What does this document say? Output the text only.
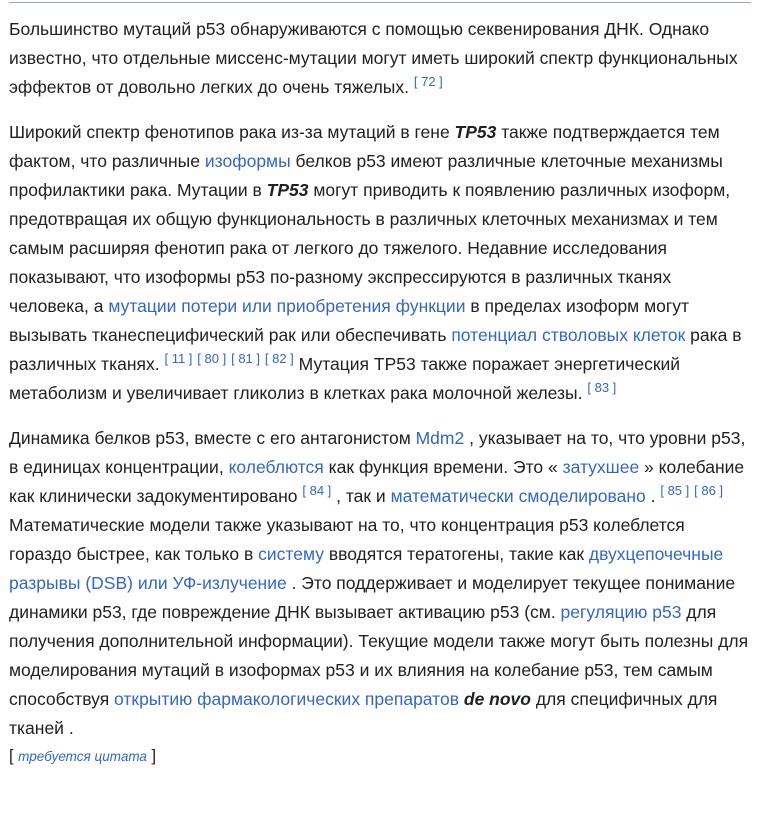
Большинство мутаций p53 обнаруживаются с помощью секвенирования ДНК. Однако известно, что отдельные миссенс-мутации могут иметь широкий спектр функциональных эффектов от довольно легких до очень тяжелых. [ 72 ]

Широкий спектр фенотипов рака из-за мутаций в гене TP53 также подтверждается тем фактом, что различные изоформы белков p53 имеют различные клеточные механизмы профилактики рака. Мутации в TP53 могут приводить к появлению различных изоформ, предотвращая их общую функциональность в различных клеточных механизмах и тем самым расширяя фенотип рака от легкого до тяжелого. Недавние исследования показывают, что изоформы p53 по-разному экспрессируются в различных тканях человека, а мутации потери или приобретения функции в пределах изоформ могут вызывать тканеспецифический рак или обеспечивать потенциал стволовых клеток рака в различных тканях. [ 11 ] [ 80 ] [ 81 ] [ 82 ] Мутация TP53 также поражает энергетический метаболизм и увеличивает гликолиз в клетках рака молочной железы. [ 83 ]

Динамика белков p53, вместе с его антагонистом Mdm2 , указывает на то, что уровни p53, в единицах концентрации, колеблются как функция времени. Это « затухшее » колебание как клинически задокументировано [ 84 ] , так и математически смоделировано . [ 85 ] [ 86 ] Математические модели также указывают на то, что концентрация p53 колеблется гораздо быстрее, как только в систему вводятся тератогены, такие как двухцепочечные разрывы (DSB) или УФ-излучение . Это поддерживает и моделирует текущее понимание динамики p53, где повреждение ДНК вызывает активацию p53 (см. регуляцию p53 для получения дополнительной информации). Текущие модели также могут быть полезны для моделирования мутаций в изоформах p53 и их влияния на колебание p53, тем самым способствуя открытию фармакологических препаратов de novo для специфичных для тканей .
[ требуется цитата ]
